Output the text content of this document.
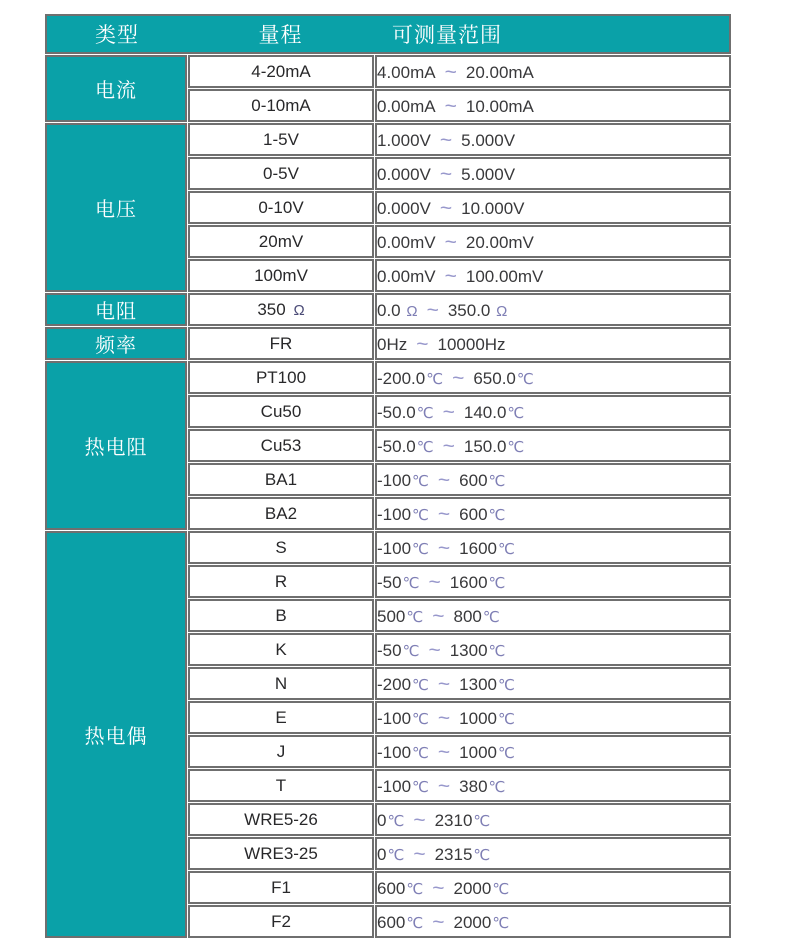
类型 量程 可测量范围		

电流	4-20mA	4.00mA ~ 20.00mA
	0-10mA	0.00mA ~ 10.00mA
电压	1-5V	1.000V ~ 5.000V
	0-5V	0.000V ~ 5.000V
	0-10V	0.000V ~ 10.000V
	20mV	0.00mV ~ 20.00mV
	100mV	0.00mV ~ 100.00mV
电阻	350 Ω	0.0 Ω ~ 350.0 Ω
频率	FR	0Hz ~ 10000Hz
热电阻	PT100	-200.0℃ ~ 650.0℃
	Cu50	-50.0℃ ~ 140.0℃
	Cu53	-50.0℃ ~ 150.0℃
	BA1	-100℃ ~ 600℃
	BA2	-100℃ ~ 600℃
热电偶	S	-100℃ ~ 1600℃
	R	-50℃ ~ 1600℃
	B	500℃ ~ 800℃
	K	-50℃ ~ 1300℃
	N	-200℃ ~ 1300℃
	E	-100℃ ~ 1000℃
	J	-100℃ ~ 1000℃
	T	-100℃ ~ 380℃
	WRE5-26	0℃ ~ 2310℃
	WRE3-25	0℃ ~ 2315℃
	F1	600℃ ~ 2000℃
	F2	600℃ ~ 2000℃
